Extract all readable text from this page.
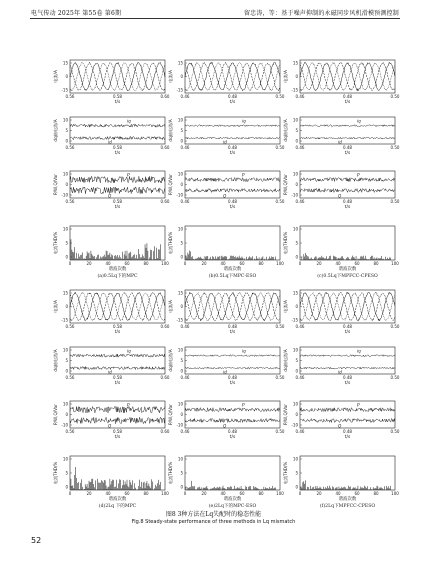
电气传动 2025年 第55卷 第6期	留忠涛，等：基于噪声抑制的永磁同步风机滑模预测控制
15
0
-15
电流/A
0.56	0.58	0.60
t/s
10
5
0
dq轴电流/A
0.56	0.58	0.60
t/s
iq
id
10
0
-10
P/W,Q/Var
0.56	0.58	0.60
t/s
P
Q
10
5
0
电流THD/%
0	20	40	60	80	100
谐波次数
(a)0.5Lq下的MPC
15
0
-15
电流/A
0.46	0.48	0.50
t/s
10
5
0
dq轴电流/A
0.46	0.48	0.50
t/s
iq
id
10
0
-10
P/W,Q/Var
0.46	0.48	0.50
t/s
P
Q
10
5
0
电流THD/%
0	20	40	60	80	100
谐波次数
(b)0.5Lq下MPC-ESO
15
0
-15
电流/A
0.46	0.48	0.50
t/s
10
5
0
dq轴电流/A
0.46	0.48	0.50
t/s
iq
id
10
0
-10
P/W,Q/Var
0.46	0.48	0.50
t/s
P
Q
10
5
0
电流THD/%
0	20	40	60	80	100
谐波次数
(c)0.5Lq下MPFCC-CPESO
15
0
-15
电流/A
0.56	0.58	0.60
t/s
10
5
0
dq轴电流/A
0.56	0.58	0.60
t/s
iq
id
10
0
-10
P/W,Q/Var
0.56	0.58	0.60
t/s
P
Q
10
5
0
电流THD/%
0	20	40	60	80	100
谐波次数
(d)2Lq 下的MPC
15
0
-15
电流/A
0.46	0.48	0.50
t/s
10
5
0
dq轴电流/A
0.46	0.48	0.50
t/s
iq
id
10
0
-10
P/W,Q/Var
0.46	0.48	0.50
t/s
P
Q
10
5
0
电流THD/%
0	20	40	60	80	100
谐波次数
(e)2Lq下的MPC-ESO
15
0
-15
电流/A
0.46	0.48	0.50
t/s
10
5
0
dq轴电流/A
0.46	0.48	0.50
t/s
iq
id
10
0
-10
P/W,Q/Var
0.46	0.48	0.50
t/s
P
Q
10
5
0
电流THD/%
0	20	40	60	80	100
谐波次数
(f)2Lq下MPFCC-CPESO
图8 3种方法在Lq失配时的稳态性能
Fig.8 Steady-state performance of three methods in Lq mismatch
52
